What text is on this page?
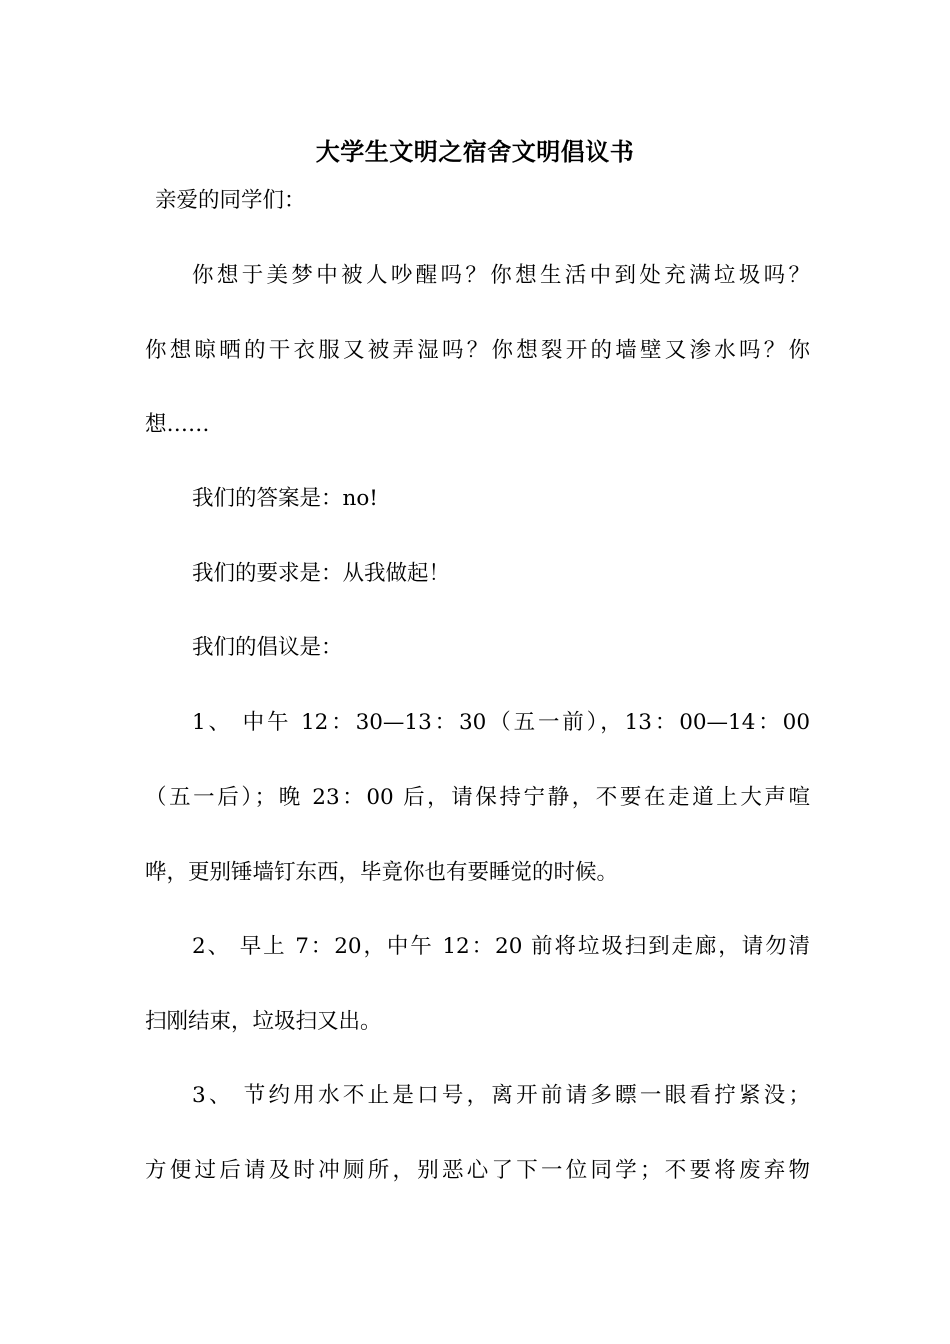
大学生文明之宿舍文明倡议书
亲爱的同学们：
你想于美梦中被人吵醒吗？你想生活中到处充满垃圾吗？
你想晾晒的干衣服又被弄湿吗？你想裂开的墙壁又渗水吗？你
想……
我们的答案是：no!
我们的要求是：从我做起！
我们的倡议是：
1、 中午 12：30—13：30（五一前），13：00—14：00
（五一后）；晚 23：00 后，请保持宁静，不要在走道上大声喧
哗，更别锤墙钉东西，毕竟你也有要睡觉的时候。
2、 早上 7：20，中午 12：20 前将垃圾扫到走廊，请勿清
扫刚结束，垃圾扫又出。
3、 节约用水不止是口号，离开前请多瞟一眼看拧紧没；
方便过后请及时冲厕所，别恶心了下一位同学；不要将废弃物
